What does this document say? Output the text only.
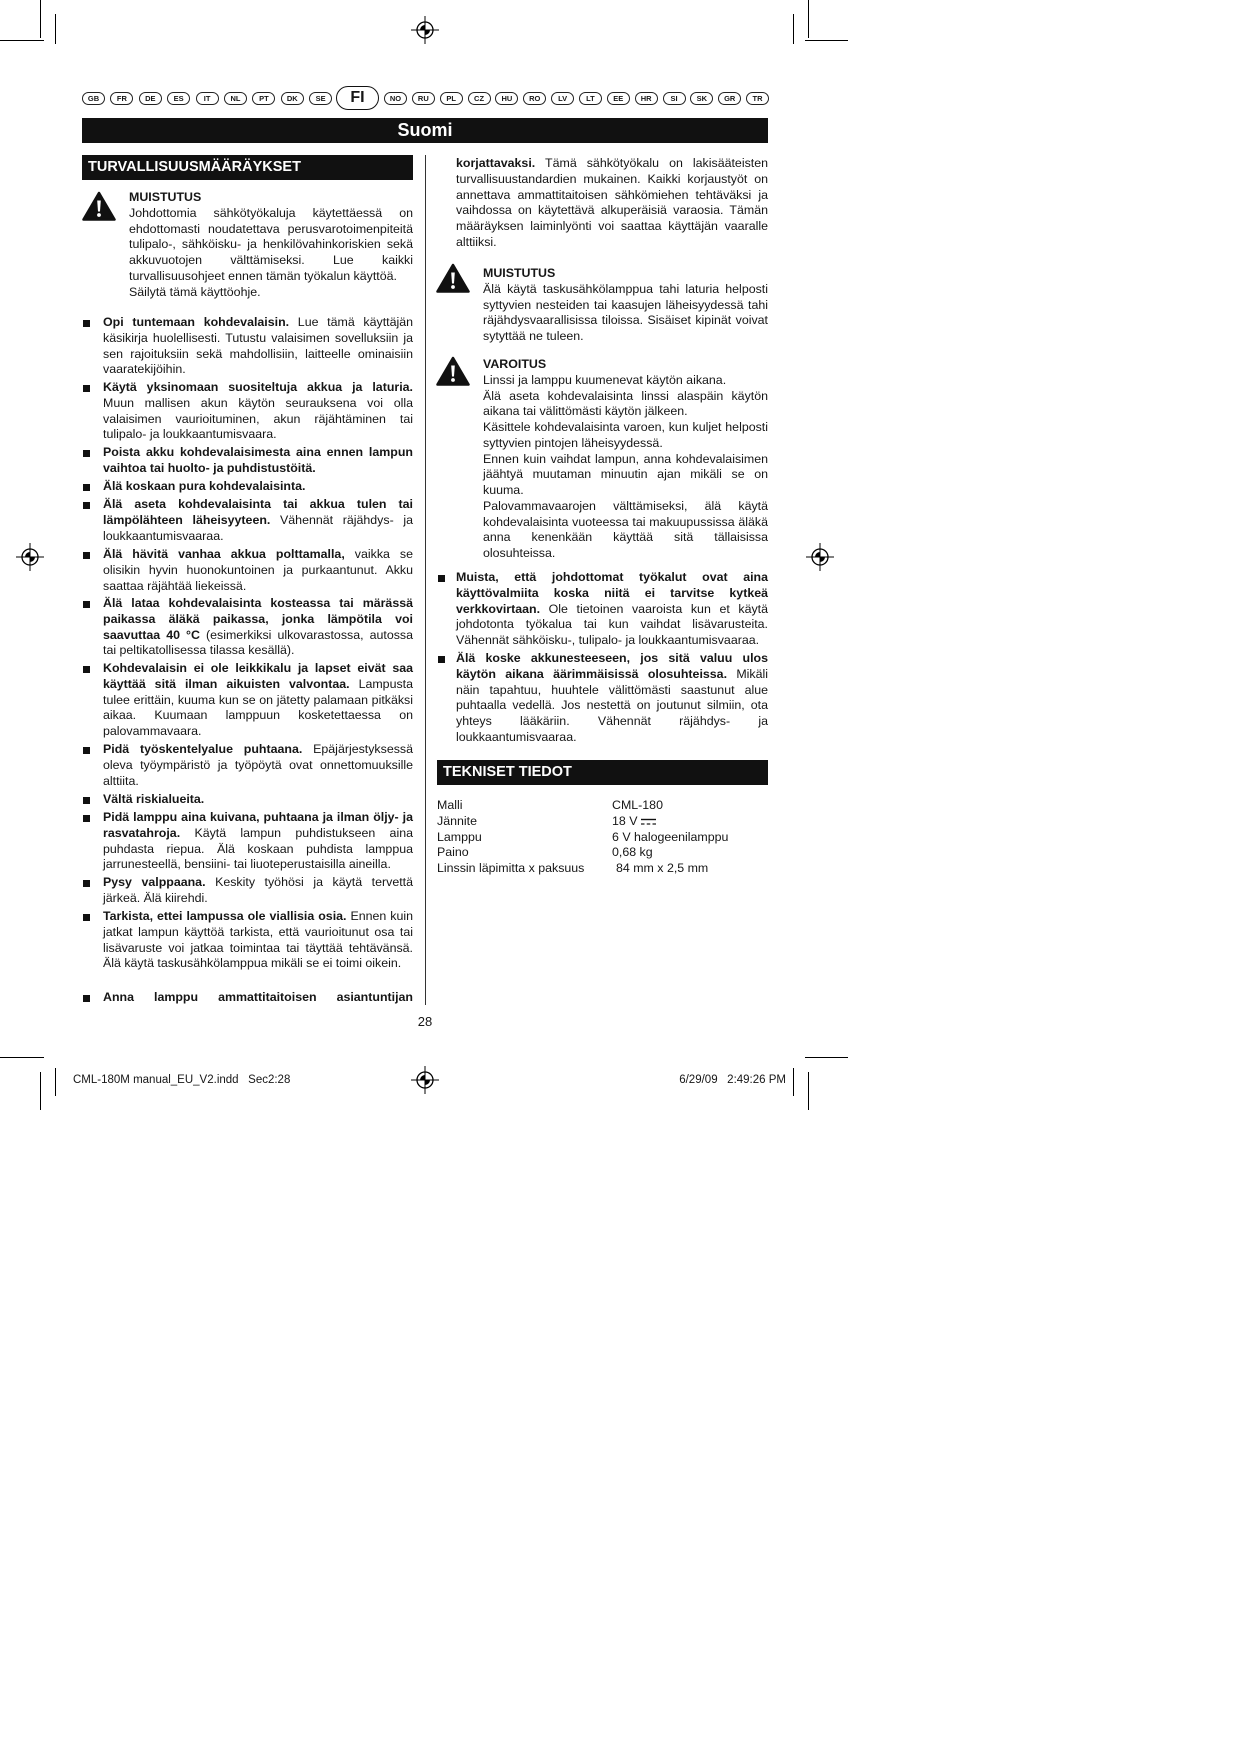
FI
GB	FR	DE	ES	IT	NL	PT	DK	SE	NO	RU	PL	CZ	HU	RO	LV	LT	EE	HR	SI	SK	GR	TR
Suomi
TURVALLISUUSMÄÄRÄYKSET
MUISTUTUS
Johdottomia sähkötyökaluja käytettäessä on ehdottomasti noudatettava perusvarotoimenpiteitä tulipalo-, sähköisku- ja henkilövahinkoriskien sekä akkuvuotojen välttämiseksi. Lue kaikki turvallisuusohjeet ennen tämän työkalun käyttöä.
Säilytä tämä käyttöohje.
Opi tuntemaan kohdevalaisin. Lue tämä käyttäjän käsikirja huolellisesti. Tutustu valaisimen sovelluksiin ja sen rajoituksiin sekä mahdollisiin, laitteelle ominaisiin vaaratekijöihin.
Käytä yksinomaan suositeltuja akkua ja laturia. Muun mallisen akun käytön seurauksena voi olla valaisimen vaurioituminen, akun räjähtäminen tai tulipalo- ja loukkaantumisvaara.
Poista akku kohdevalaisimesta aina ennen lampun vaihtoa tai huolto- ja puhdistustöitä.
Älä koskaan pura kohdevalaisinta.
Älä aseta kohdevalaisinta tai akkua tulen tai lämpölähteen läheisyyteen. Vähennät räjähdys- ja loukkaantumisvaaraa.
Älä hävitä vanhaa akkua polttamalla, vaikka se olisikin hyvin huonokuntoinen ja purkaantunut. Akku saattaa räjähtää liekeissä.
Älä lataa kohdevalaisinta kosteassa tai märässä paikassa äläkä paikassa, jonka lämpötila voi saavuttaa 40 °C (esimerkiksi ulkovarastossa, autossa tai peltikatollisessa tilassa kesällä).
Kohdevalaisin ei ole leikkikalu ja lapset eivät saa käyttää sitä ilman aikuisten valvontaa. Lampusta tulee erittäin, kuuma kun se on jätetty palamaan pitkäksi aikaa. Kuumaan lamppuun kosketettaessa on palovammavaara.
Pidä työskentelyalue puhtaana. Epäjärjestyksessä oleva työympäristö ja työpöytä ovat onnettomuuksille alttiita.
Vältä riskialueita.
Pidä lamppu aina kuivana, puhtaana ja ilman öljy- ja rasvatahroja. Käytä lampun puhdistukseen aina puhdasta riepua. Älä koskaan puhdista lamppua jarrunesteellä, bensiini- tai liuoteperustaisilla aineilla.
Pysy valppaana. Keskity työhösi ja käytä tervettä järkeä. Älä kiirehdi.
Tarkista, ettei lampussa ole viallisia osia. Ennen kuin jatkat lampun käyttöä tarkista, että vaurioitunut osa tai lisävaruste voi jatkaa toimintaa tai täyttää tehtävänsä. Älä käytä taskusähkölamppua mikäli se ei toimi oikein.
Anna lamppu ammattitaitoisen asiantuntijan
korjattavaksi. Tämä sähkötyökalu on lakisääteisten turvallisuustandardien mukainen. Kaikki korjaustyöt on annettava ammattitaitoisen sähkömiehen tehtäväksi ja vaihdossa on käytettävä alkuperäisiä varaosia. Tämän määräyksen laiminlyönti voi saattaa käyttäjän vaaralle alttiiksi.
MUISTUTUS
Älä käytä taskusähkölamppua tahi laturia helposti syttyvien nesteiden tai kaasujen läheisyydessä tahi räjähdysvaarallisissa tiloissa. Sisäiset kipinät voivat sytyttää ne tuleen.
VAROITUS
Linssi ja lamppu kuumenevat käytön aikana.
Älä aseta kohdevalaisinta linssi alaspäin käytön aikana tai välittömästi käytön jälkeen.
Käsittele kohdevalaisinta varoen, kun kuljet helposti syttyvien pintojen läheisyydessä.
Ennen kuin vaihdat lampun, anna kohdevalaisimen jäähtyä muutaman minuutin ajan mikäli se on kuuma.
Palovammavaarojen välttämiseksi, älä käytä kohdevalaisinta vuoteessa tai makuupussissa äläkä anna kenenkään käyttää sitä tällaisissa olosuhteissa.
Muista, että johdottomat työkalut ovat aina käyttövalmiita koska niitä ei tarvitse kytkeä verkkovirtaan. Ole tietoinen vaaroista kun et käytä johdotonta työkalua tai kun vaihdat lisävarusteita. Vähennät sähköisku-, tulipalo- ja loukkaantumisvaaraa.
Älä koske akkunesteeseen, jos sitä valuu ulos käytön aikana äärimmäisissä olosuhteissa. Mikäli näin tapahtuu, huuhtele välittömästi saastunut alue puhtaalla vedellä. Jos nestettä on joutunut silmiin, ota yhteys lääkäriin. Vähennät räjähdys- ja loukkaantumisvaaraa.
TEKNISET TIEDOT
Malli	CML-180
Jännite	18 V
Lamppu	6 V halogeenilamppu
Paino	0,68 kg
Linssin läpimitta x paksuus	84 mm x 2,5 mm
28
CML-180M manual_EU_V2.indd   Sec2:28	6/29/09   2:49:26 PM
